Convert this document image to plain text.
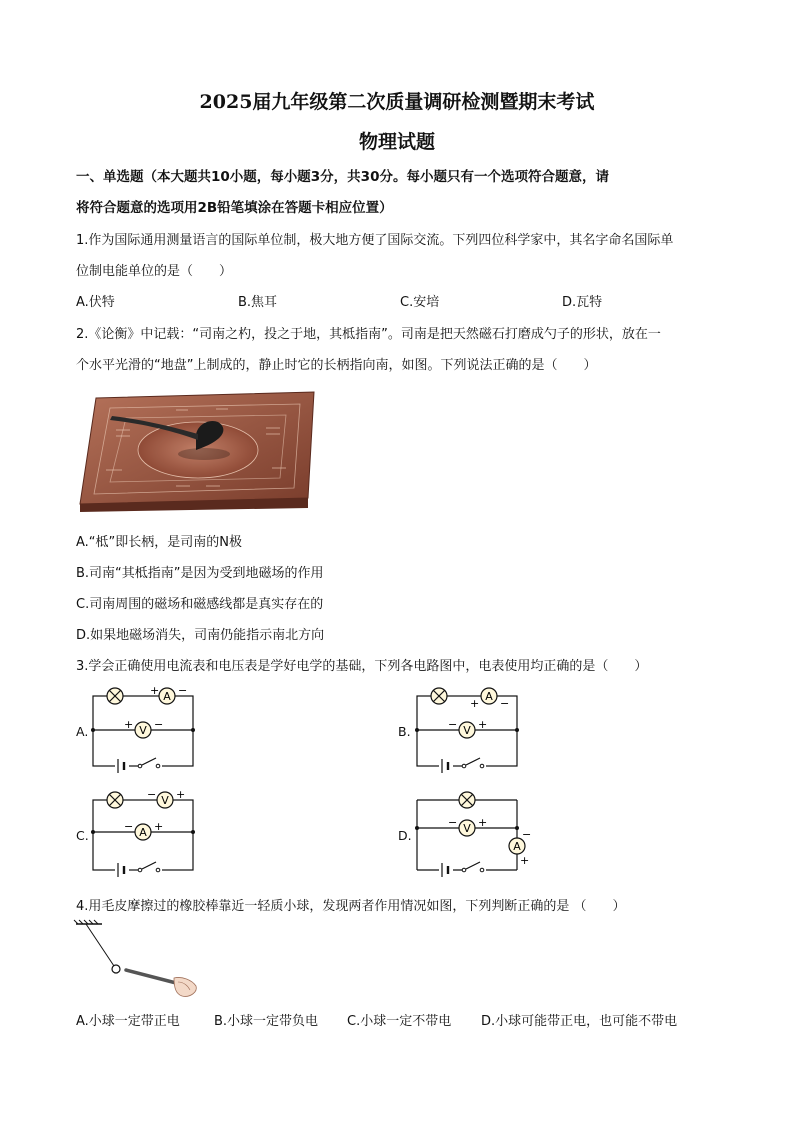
2025届九年级第二次质量调研检测暨期末考试
物理试题
一、单选题（本大题共10小题，每小题3分，共30分。每小题只有一个选项符合题意，请
将符合题意的选项用2B铅笔填涂在答题卡相应位置）
1.作为国际通用测量语言的国际单位制，极大地方便了国际交流。下列四位科学家中，其名字命名国际单
位制电能单位的是（　　）
A.伏特	B.焦耳	C.安培	D.瓦特
2.《论衡》中记载：“司南之杓，投之于地，其柢指南”。司南是把天然磁石打磨成勺子的形状，放在一
个水平光滑的“地盘”上制成的，静止时它的长柄指向南，如图。下列说法正确的是（　　）
A.“柢”即长柄，是司南的N极
B.司南“其柢指南”是因为受到地磁场的作用
C.司南周围的磁场和磁感线都是真实存在的
D.如果地磁场消失，司南仍能指示南北方向
3.学会正确使用电流表和电压表是学好电学的基础，下列各电路图中，电表使用均正确的是（　　）
A.	B.
C.	D.
A
+ −
V
+ −
A
+ −
V
− +
V
− +
A
− +	V
− +
A
−
+
4.用毛皮摩擦过的橡胶棒靠近一轻质小球，发现两者作用情况如图，下列判断正确的是 （　　）
A.小球一定带正电	B.小球一定带负电 C.小球一定不带电 D.小球可能带正电，也可能不带电
